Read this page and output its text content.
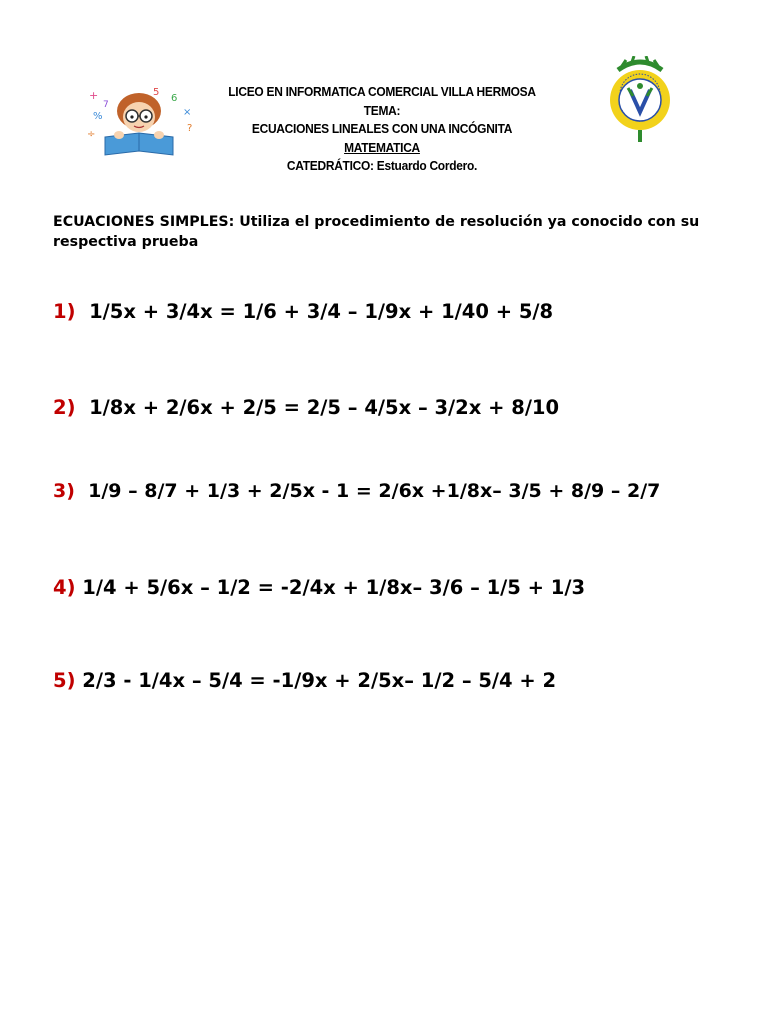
+
%
÷
7
5
6
×
?
LICEO EN INFORMATICA COMERCIAL VILLA HERMOSA
TEMA:
ECUACIONES LINEALES CON UNA INCÓGNITA
MATEMATICA
CATEDRÁTICO: Estuardo Cordero.
ECUACIONES SIMPLES: Utiliza el procedimiento de resolución ya conocido con su respectiva prueba
1) 1/5x + 3/4x = 1/6 + 3/4 – 1/9x + 1/40 + 5/8
2) 1/8x + 2/6x + 2/5 = 2/5 – 4/5x – 3/2x + 8/10
3) 1/9 – 8/7 + 1/3 + 2/5x - 1 = 2/6x +1/8x– 3/5 + 8/9 – 2/7
4) 1/4 + 5/6x – 1/2 = -2/4x + 1/8x– 3/6 – 1/5 + 1/3
5) 2/3 - 1/4x – 5/4 = -1/9x + 2/5x– 1/2 – 5/4 + 2
